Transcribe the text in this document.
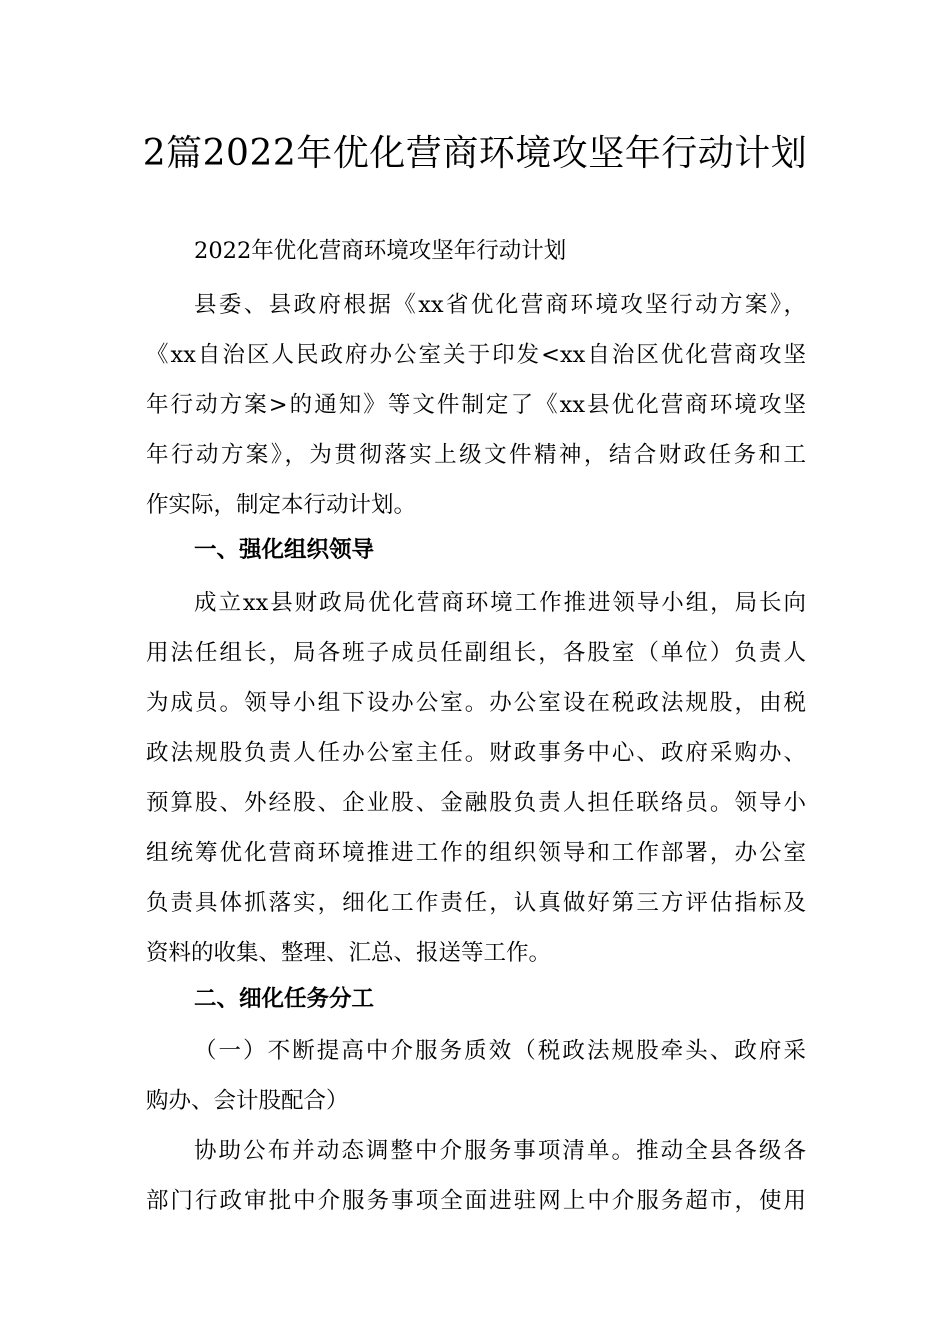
2篇2022年优化营商环境攻坚年行动计划
2022年优化营商环境攻坚年行动计划
县委、县政府根据《xx省优化营商环境攻坚行动方案》，
《xx自治区人民政府办公室关于印发<xx自治区优化营商攻坚
年行动方案>的通知》等文件制定了《xx县优化营商环境攻坚
年行动方案》，为贯彻落实上级文件精神，结合财政任务和工
作实际，制定本行动计划。
一、强化组织领导
成立xx县财政局优化营商环境工作推进领导小组，局长向
用法任组长，局各班子成员任副组长，各股室（单位）负责人
为成员。领导小组下设办公室。办公室设在税政法规股，由税
政法规股负责人任办公室主任。财政事务中心、政府采购办、
预算股、外经股、企业股、金融股负责人担任联络员。领导小
组统筹优化营商环境推进工作的组织领导和工作部署，办公室
负责具体抓落实，细化工作责任，认真做好第三方评估指标及
资料的收集、整理、汇总、报送等工作。
二、细化任务分工
（一）不断提高中介服务质效（税政法规股牵头、政府采
购办、会计股配合）
协助公布并动态调整中介服务事项清单。推动全县各级各
部门行政审批中介服务事项全面进驻网上中介服务超市，使用
